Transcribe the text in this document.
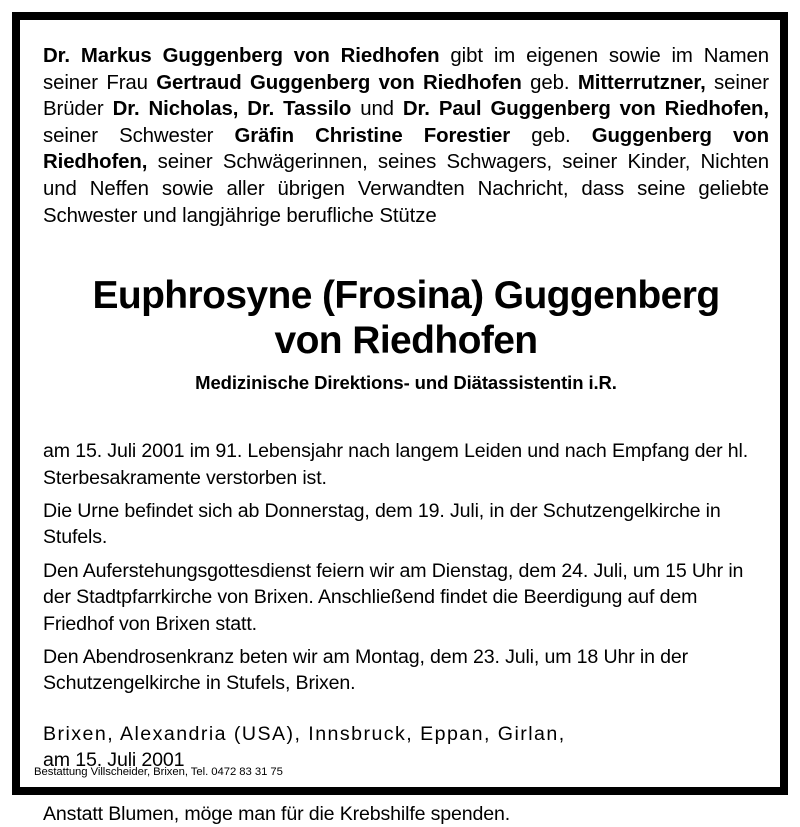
Dr. Markus Guggenberg von Riedhofen gibt im eigenen sowie im Namen seiner Frau Gertraud Guggenberg von Riedhofen geb. Mitterrutzner, seiner Brüder Dr. Nicholas, Dr. Tassilo und Dr. Paul Guggenberg von Riedhofen, seiner Schwester Gräfin Christine Forestier geb. Guggenberg von Riedhofen, seiner Schwägerinnen, seines Schwagers, seiner Kinder, Nichten und Neffen sowie aller übrigen Verwandten Nachricht, dass seine geliebte Schwester und langjährige berufliche Stütze

Euphrosyne (Frosina) Guggenberg
von Riedhofen
Medizinische Direktions- und Diätassistentin i.R.

am 15. Juli 2001 im 91. Lebensjahr nach langem Leiden und nach Empfang der hl. Sterbesakramente verstorben ist.

Die Urne befindet sich ab Donnerstag, dem 19. Juli, in der Schutzengelkirche in Stufels.

Den Auferstehungsgottesdienst feiern wir am Dienstag, dem 24. Juli, um 15 Uhr in der Stadtpfarrkirche von Brixen. Anschließend findet die Beerdigung auf dem Friedhof von Brixen statt.

Den Abendrosenkranz beten wir am Montag, dem 23. Juli, um 18 Uhr in der Schutzengelkirche in Stufels, Brixen.

Brixen, Alexandria (USA), Innsbruck, Eppan, Girlan,
am 15. Juli 2001
Anstatt Blumen, möge man für die Krebshilfe spenden.
Bestattung Villscheider, Brixen, Tel. 0472 83 31 75
